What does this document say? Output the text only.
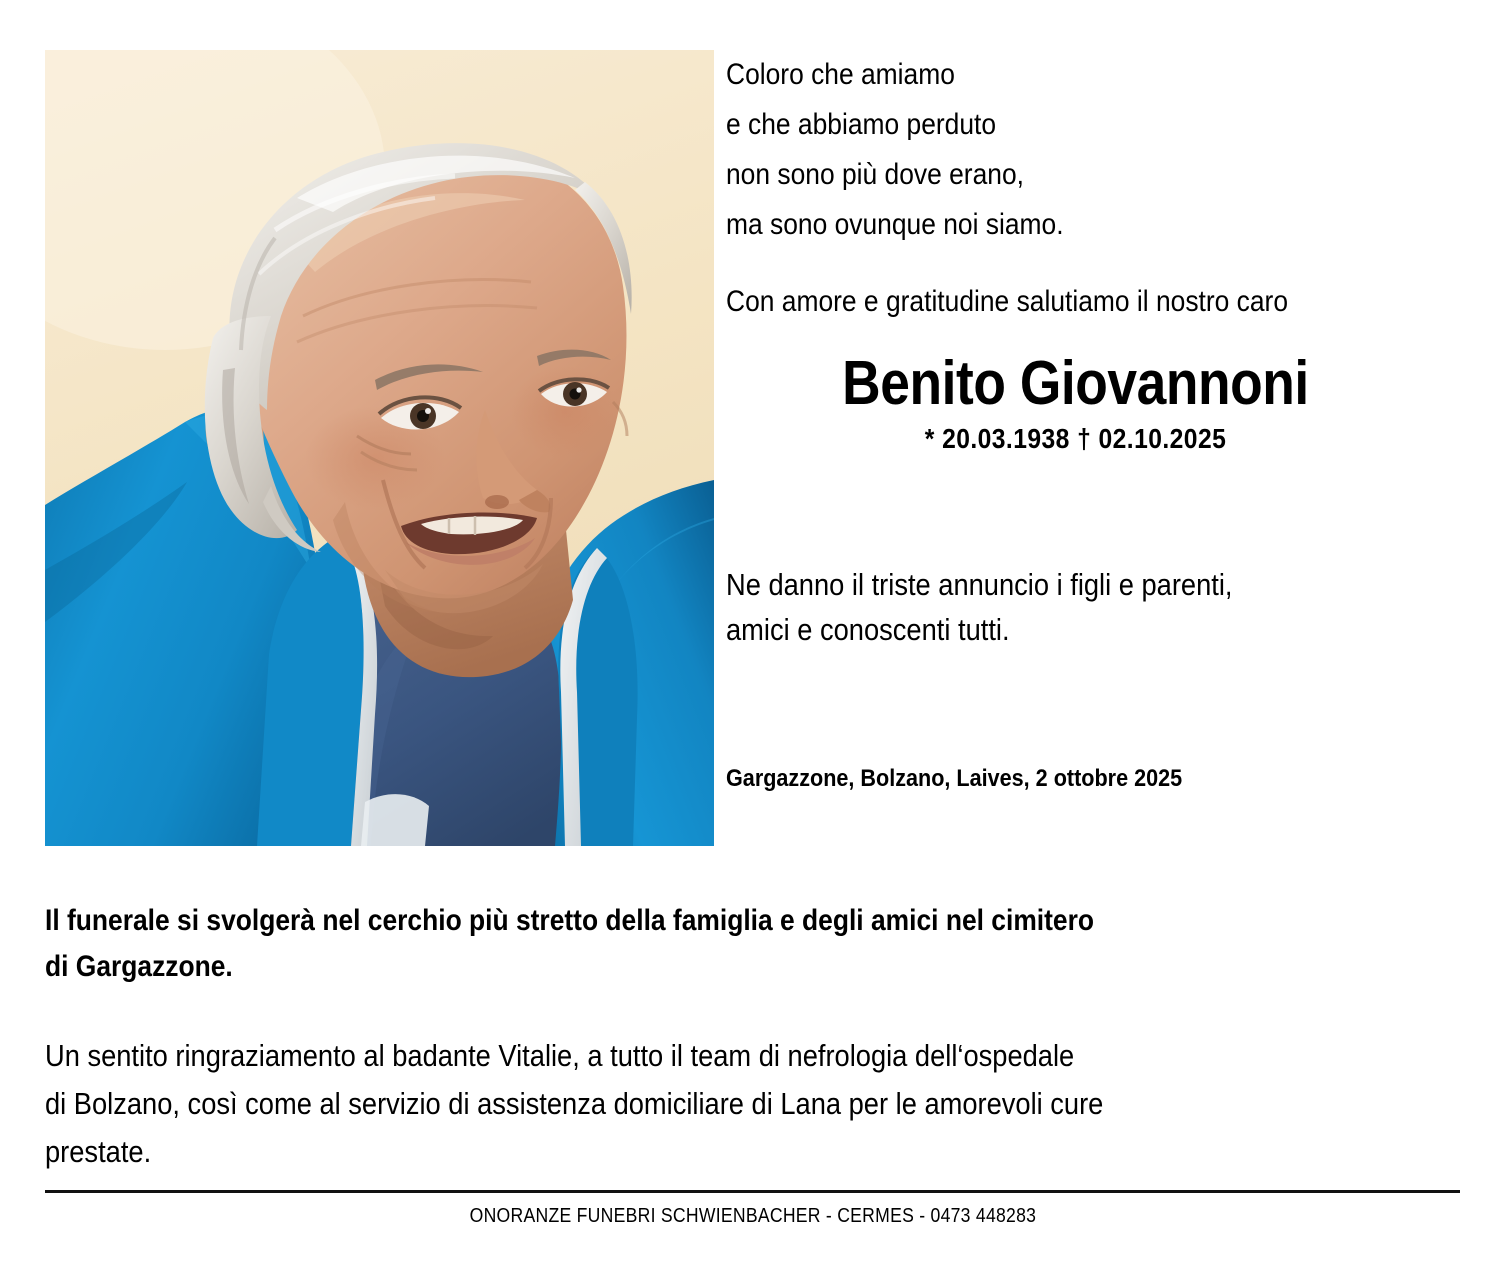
Coloro che amiamo
e che abbiamo perduto
non sono più dove erano,
ma sono ovunque noi siamo.
Con amore e gratitudine salutiamo il nostro caro
Benito Giovannoni
* 20.03.1938 † 02.10.2025
Ne danno il triste annuncio i figli e parenti,
amici e conoscenti tutti.
Gargazzone, Bolzano, Laives, 2 ottobre 2025
Il funerale si svolgerà nel cerchio più stretto della famiglia e degli amici nel cimitero
di Gargazzone.
Un sentito ringraziamento al badante Vitalie, a tutto il team di nefrologia dell‘ospedale
di Bolzano, così come al servizio di assistenza domiciliare di Lana per le amorevoli cure
prestate.
ONORANZE FUNEBRI SCHWIENBACHER - CERMES - 0473 448283
